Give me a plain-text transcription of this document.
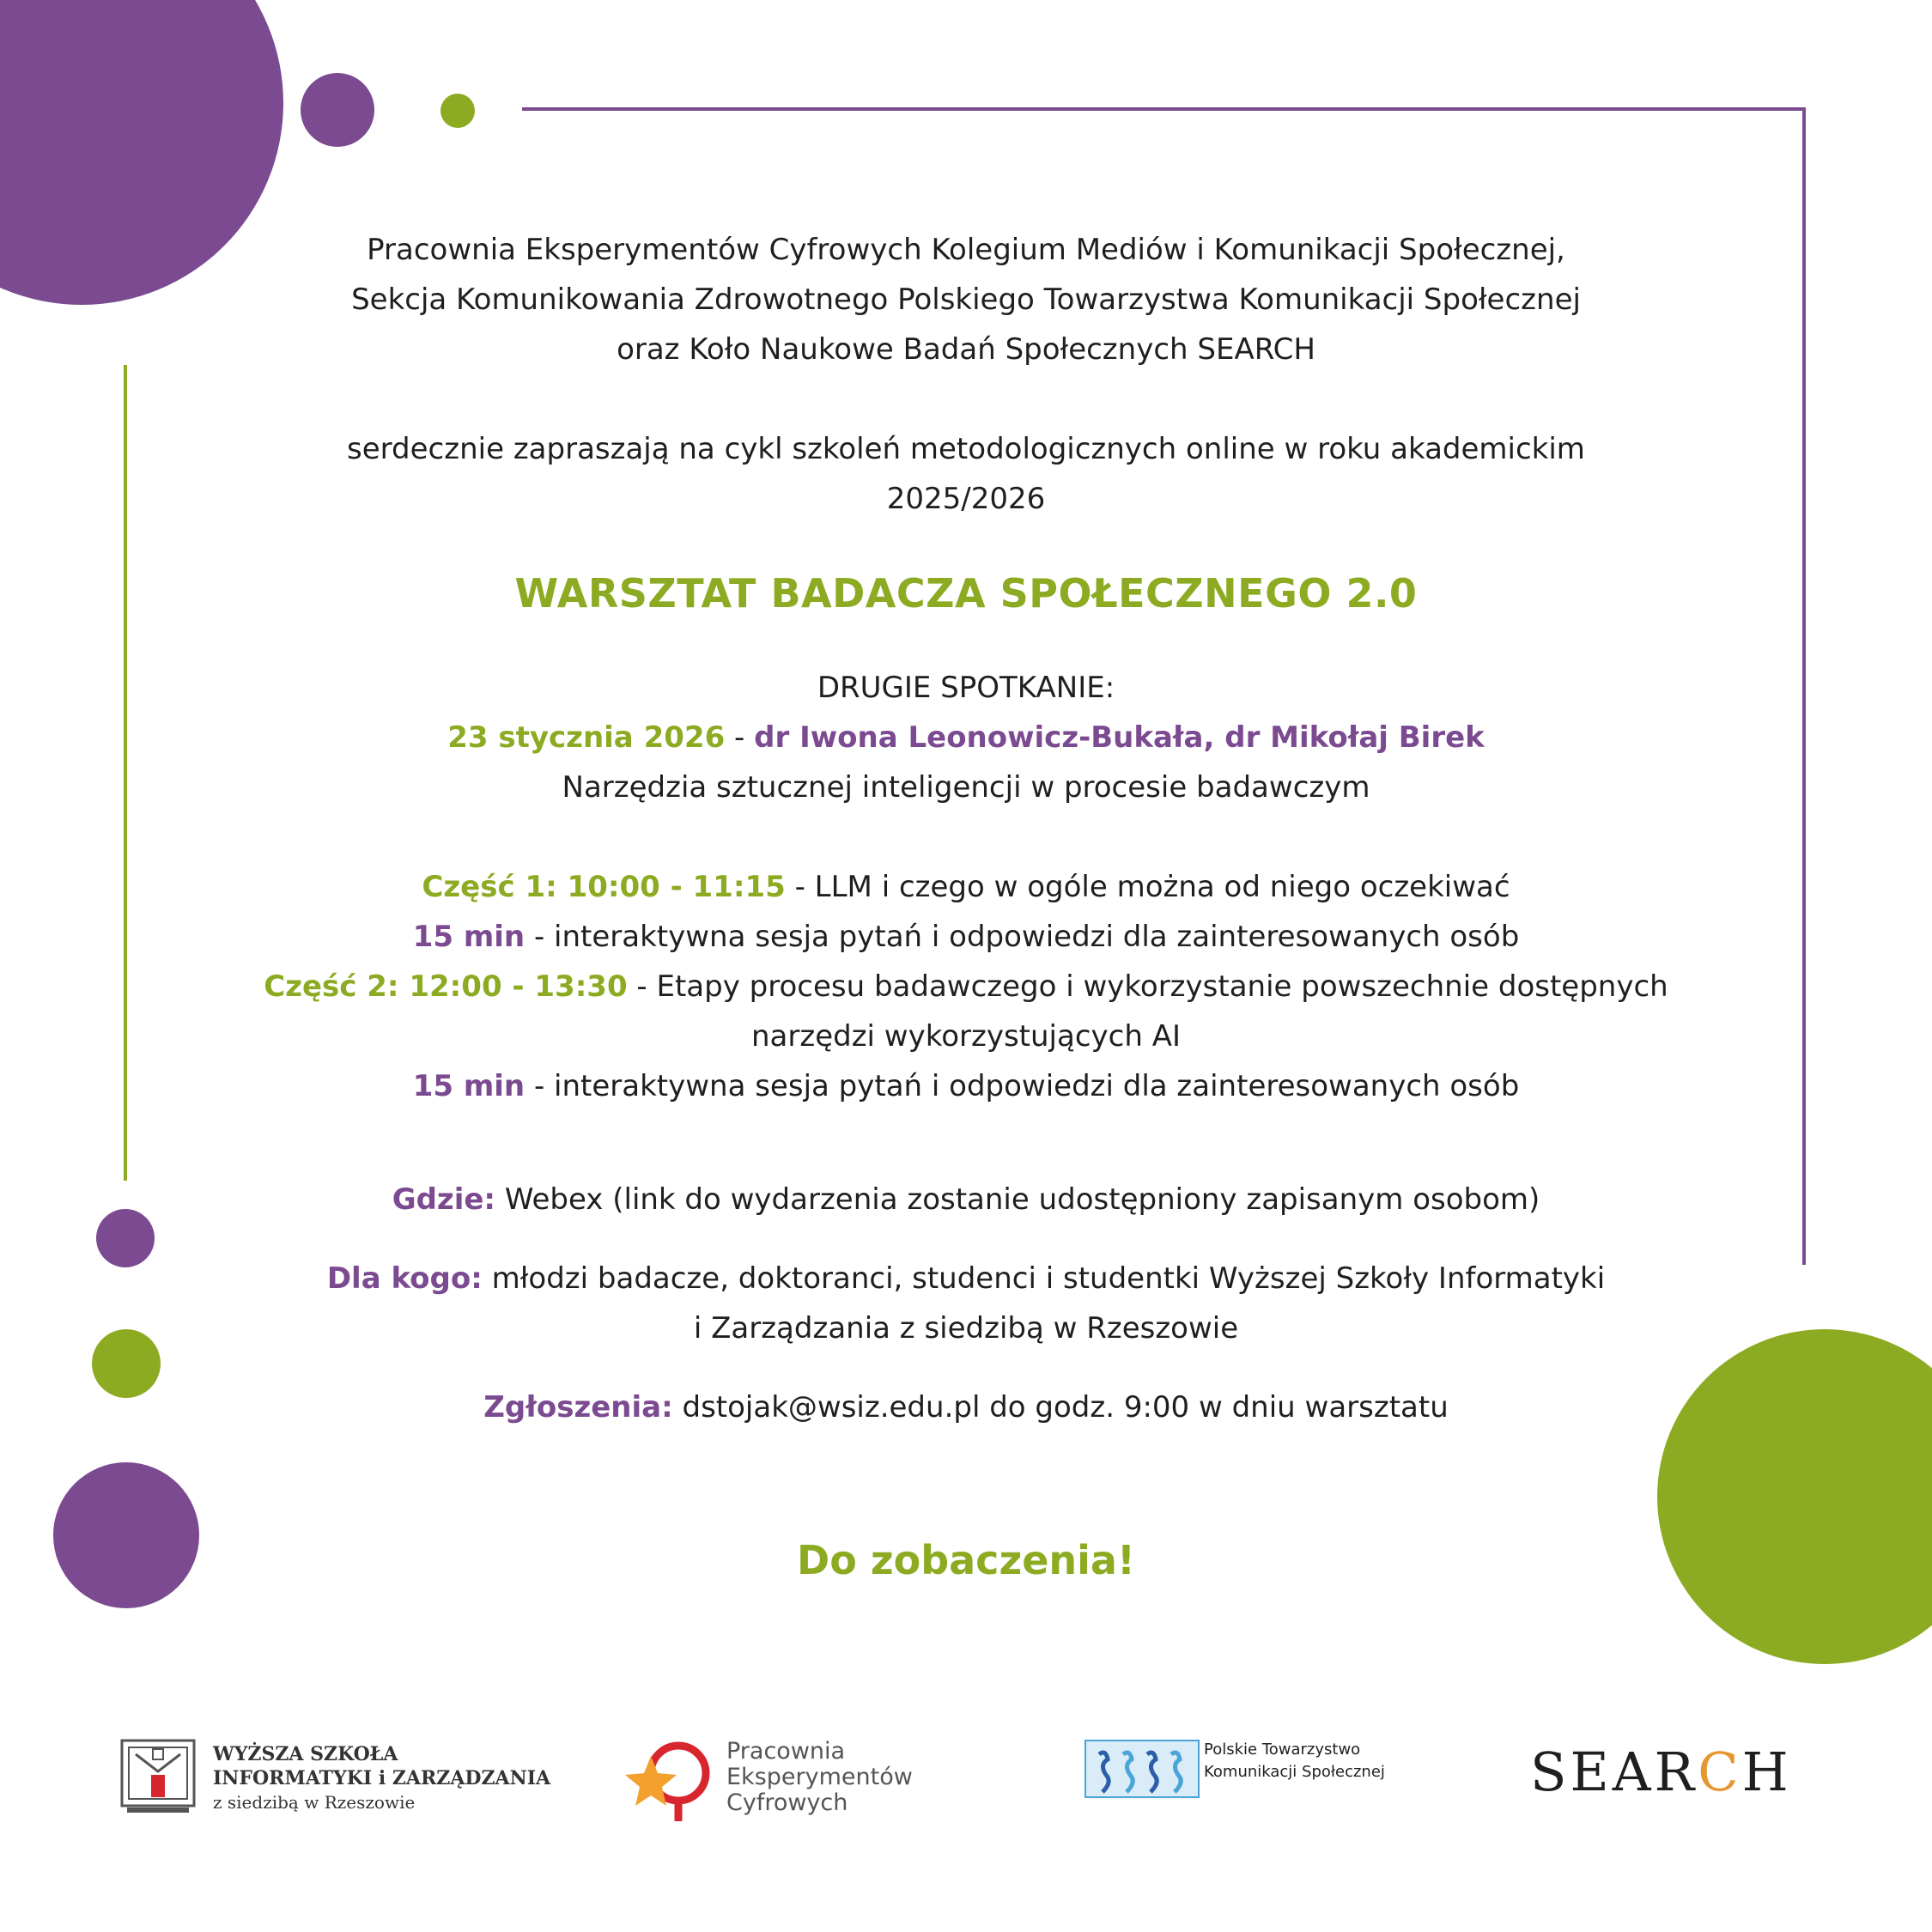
Pracownia Eksperymentów Cyfrowych Kolegium Mediów i Komunikacji Społecznej,

Sekcja Komunikowania Zdrowotnego Polskiego Towarzystwa Komunikacji Społecznej

oraz Koło Naukowe Badań Społecznych SEARCH

serdecznie zapraszają na cykl szkoleń metodologicznych online w roku akademickim

2025/2026

WARSZTAT BADACZA SPOŁECZNEGO 2.0

DRUGIE SPOTKANIE:

23 stycznia 2026 - dr Iwona Leonowicz-Bukała, dr Mikołaj Birek

Narzędzia sztucznej inteligencji w procesie badawczym

Część 1: 10:00 - 11:15 - LLM i czego w ogóle można od niego oczekiwać

15 min - interaktywna sesja pytań i odpowiedzi dla zainteresowanych osób

Część 2: 12:00 - 13:30 - Etapy procesu badawczego i wykorzystanie powszechnie dostępnych

narzędzi wykorzystujących AI

15 min - interaktywna sesja pytań i odpowiedzi dla zainteresowanych osób

Gdzie: Webex (link do wydarzenia zostanie udostępniony zapisanym osobom)

Dla kogo: młodzi badacze, doktoranci, studenci i studentki Wyższej Szkoły Informatyki

i Zarządzania z siedzibą w Rzeszowie

Zgłoszenia: dstojak@wsiz.edu.pl do godz. 9:00 w dniu warsztatu

Do zobaczenia!

WYŻSZA SZKOŁA
INFORMATYKI i ZARZĄDZANIA
z siedzibą w Rzeszowie
Pracownia
Eksperymentów
Cyfrowych
Polskie Towarzystwo
Komunikacji Społecznej	SEARCH
